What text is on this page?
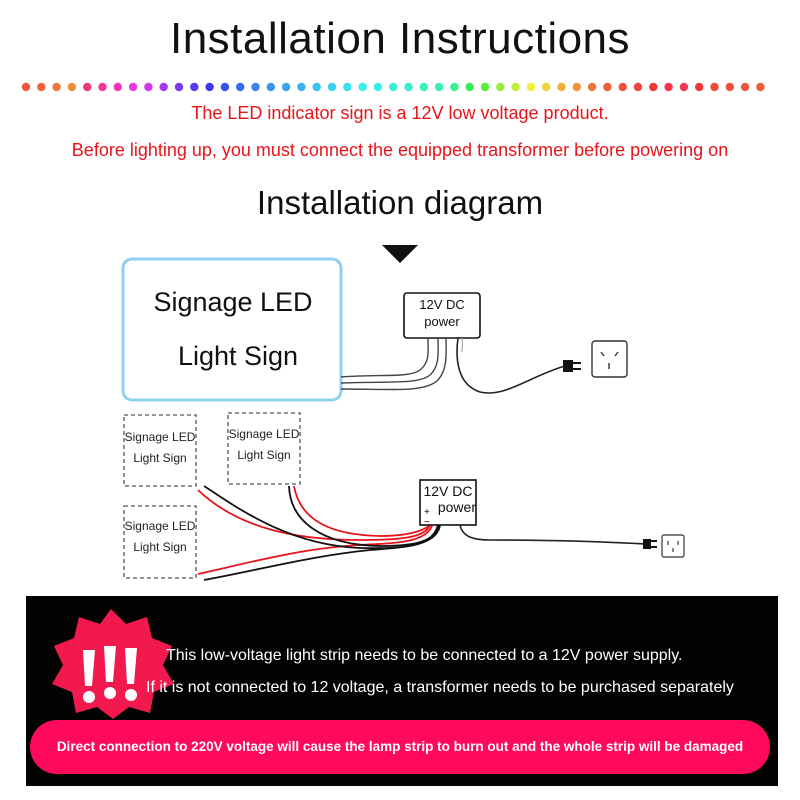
Installation Instructions
The LED indicator sign is a 12V low voltage product.
Before lighting up, you must connect the equipped transformer before powering on
Installation diagram
Signage LED
Light Sign
12V DC
power
Signage LED
Light Sign
Signage LED
Light Sign
Signage LED
Light Sign
12V DC
+ −
power
This low-voltage light strip needs to be connected to a 12V power supply.
If it is not connected to 12 voltage, a transformer needs to be purchased separately
Direct connection to 220V voltage will cause the lamp strip to burn out and the whole strip will be damaged
